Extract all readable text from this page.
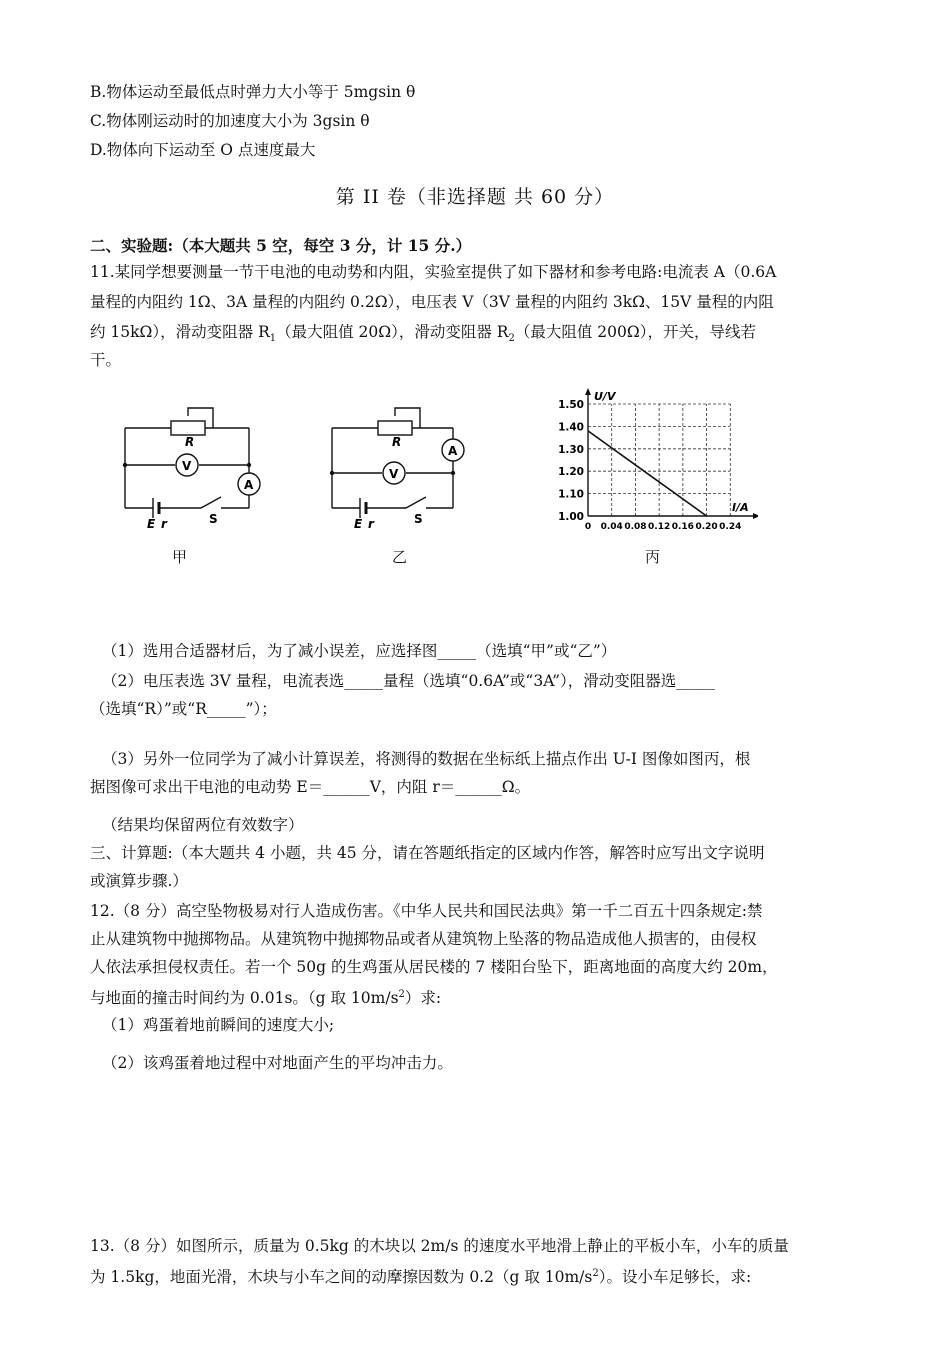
B.物体运动至最低点时弹力大小等于 5mgsin θ
C.物体刚运动时的加速度大小为 3gsin θ
D.物体向下运动至 O 点速度最大
第 II 卷（非选择题 共 60 分）
二、实验题:（本大题共 5 空，每空 3 分，计 15 分.）
11.某同学想要测量一节干电池的电动势和内阻，实验室提供了如下器材和参考电路:电流表 A（0.6A
量程的内阻约 1Ω、3A 量程的内阻约 0.2Ω），电压表 V（3V 量程的内阻约 3kΩ、15V 量程的内阻
约 15kΩ），滑动变阻器 $R_1$（最大阻值 20Ω），滑动变阻器 $R_2$（最大阻值 200Ω），开关，导线若
干。
R
V
A
E r	S
甲
R
V
A
E r	S
乙
1.00
1.10
1.20
1.30
1.40
1.50
0 0.04 0.08 0.12 0.16 0.20 0.24
U/V
I/A
丙
（1）选用合适器材后，为了减小误差，应选择图_____（选填“甲”或“乙”）
（2）电压表选 3V 量程，电流表选_____量程（选填“0.6A”或“3A”），滑动变阻器选_____
（选填“R）”或“R_____”）；
（3）另外一位同学为了减小计算误差，将测得的数据在坐标纸上描点作出 U-I 图像如图丙，根
据图像可求出干电池的电动势 E＝______V，内阻 r＝______Ω。
（结果均保留两位有效数字）
三、计算题:（本大题共 4 小题，共 45 分，请在答题纸指定的区域内作答，解答时应写出文字说明
或演算步骤.）
12.（8 分）高空坠物极易对行人造成伤害。《中华人民共和国民法典》第一千二百五十四条规定:禁
止从建筑物中抛掷物品。从建筑物中抛掷物品或者从建筑物上坠落的物品造成他人损害的，由侵权
人依法承担侵权责任。若一个 50g 的生鸡蛋从居民楼的 7 楼阳台坠下，距离地面的高度大约 20m，
与地面的撞击时间约为 0.01s。（g 取 $10m/s^2$）求:
（1）鸡蛋着地前瞬间的速度大小;
（2）该鸡蛋着地过程中对地面产生的平均冲击力。
13.（8 分）如图所示，质量为 0.5kg 的木块以 2m/s 的速度水平地滑上静止的平板小车，小车的质量
为 1.5kg，地面光滑，木块与小车之间的动摩擦因数为 0.2（g 取 $10m/s^2$）。设小车足够长，求:
